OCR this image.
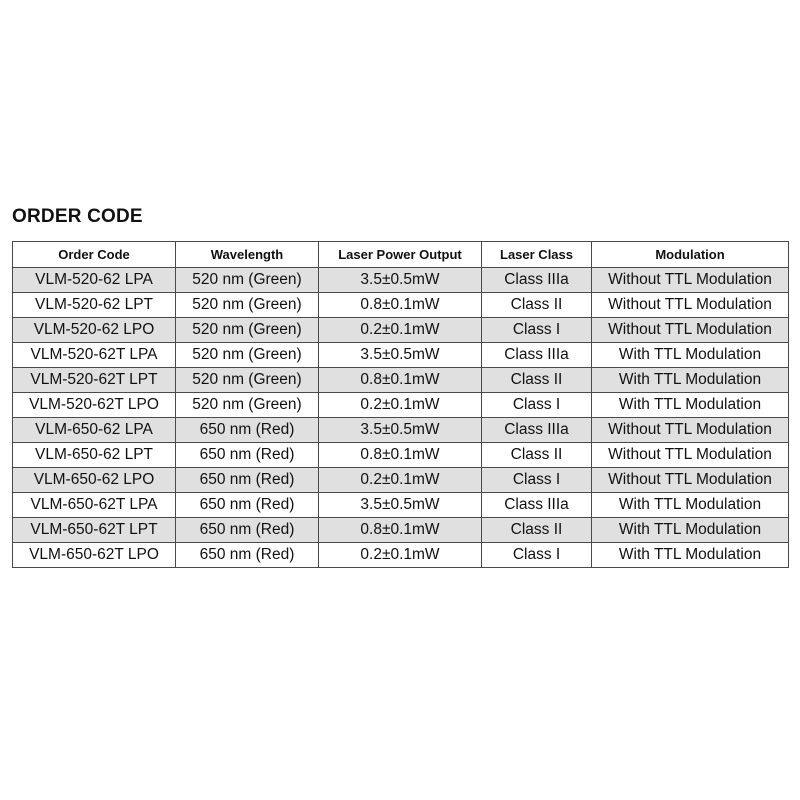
ORDER CODE
Order Code	Wavelength	Laser Power Output	Laser Class	Modulation
VLM-520-62 LPA	520 nm (Green)	3.5±0.5mW	Class IIIa	Without TTL Modulation
VLM-520-62 LPT	520 nm (Green)	0.8±0.1mW	Class II	Without TTL Modulation
VLM-520-62 LPO	520 nm (Green)	0.2±0.1mW	Class I	Without TTL Modulation
VLM-520-62T LPA	520 nm (Green)	3.5±0.5mW	Class IIIa	With TTL Modulation
VLM-520-62T LPT	520 nm (Green)	0.8±0.1mW	Class II	With TTL Modulation
VLM-520-62T LPO	520 nm (Green)	0.2±0.1mW	Class I	With TTL Modulation
VLM-650-62 LPA	650 nm (Red)	3.5±0.5mW	Class IIIa	Without TTL Modulation
VLM-650-62 LPT	650 nm (Red)	0.8±0.1mW	Class II	Without TTL Modulation
VLM-650-62 LPO	650 nm (Red)	0.2±0.1mW	Class I	Without TTL Modulation
VLM-650-62T LPA	650 nm (Red)	3.5±0.5mW	Class IIIa	With TTL Modulation
VLM-650-62T LPT	650 nm (Red)	0.8±0.1mW	Class II	With TTL Modulation
VLM-650-62T LPO	650 nm (Red)	0.2±0.1mW	Class I	With TTL Modulation
